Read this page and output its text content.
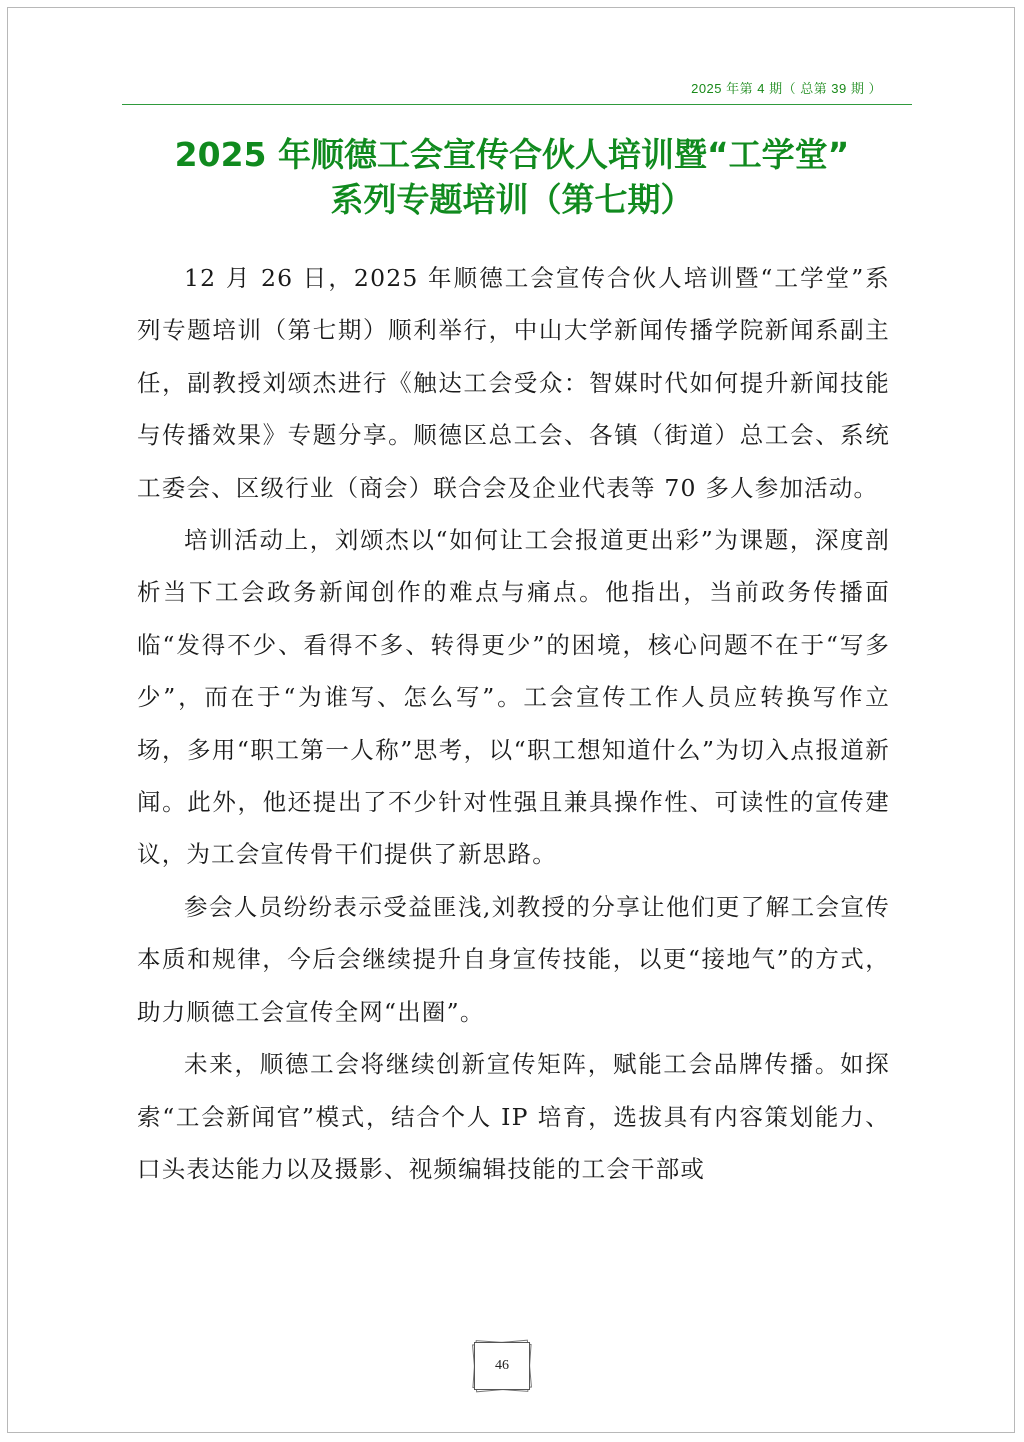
2025 年第 4 期（ 总第 39 期 ）
2025 年顺德工会宣传合伙人培训暨“工学堂”
系列专题培训（第七期）

12 月 26 日，2025 年顺德工会宣传合伙人培训暨“工学堂”系列专题培训（第七期）顺利举行，中山大学新闻传播学院新闻系副主任，副教授刘颂杰进行《触达工会受众：智媒时代如何提升新闻技能与传播效果》专题分享。顺德区总工会、各镇（街道）总工会、系统工委会、区级行业（商会）联合会及企业代表等 70 多人参加活动。

培训活动上，刘颂杰以“如何让工会报道更出彩”为课题，深度剖析当下工会政务新闻创作的难点与痛点。他指出，当前政务传播面临“发得不少、看得不多、转得更少”的困境，核心问题不在于“写多少”，而在于“为谁写、怎么写”。工会宣传工作人员应转换写作立场，多用“职工第一人称”思考，以“职工想知道什么”为切入点报道新闻。此外，他还提出了不少针对性强且兼具操作性、可读性的宣传建议，为工会宣传骨干们提供了新思路。

参会人员纷纷表示受益匪浅,刘教授的分享让他们更了解工会宣传本质和规律，今后会继续提升自身宣传技能，以更“接地气”的方式，助力顺德工会宣传全网“出圈”。

未来，顺德工会将继续创新宣传矩阵，赋能工会品牌传播。如探索“工会新闻官”模式，结合个人 IP 培育，选拔具有内容策划能力、口头表达能力以及摄影、视频编辑技能的工会干部或

46
